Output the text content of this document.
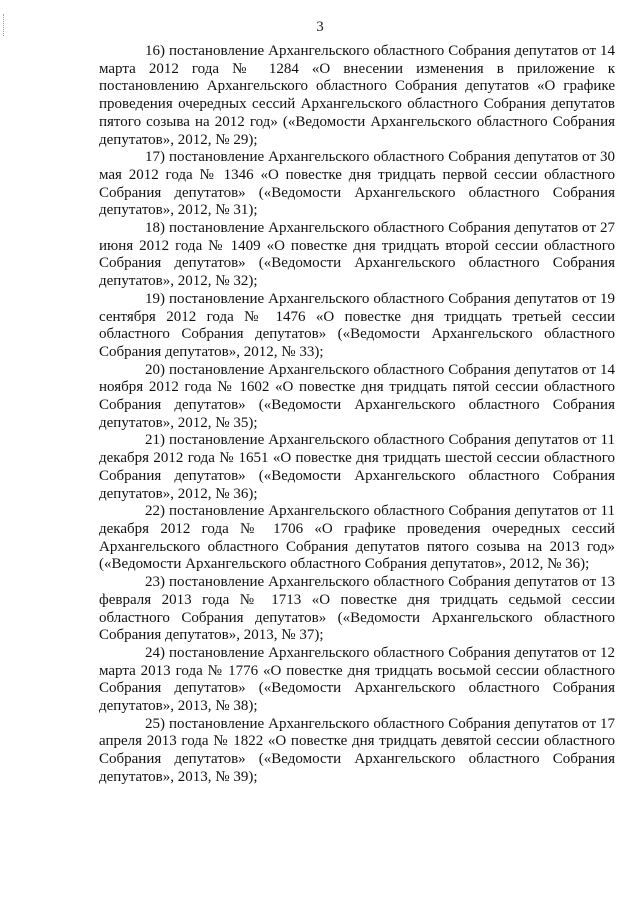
3

16) постановление Архангельского областного Собрания депутатов от 14 марта 2012 года № 1284 «О внесении изменения в приложение к постановлению Архангельского областного Собрания депутатов «О графике проведения очередных сессий Архангельского областного Собрания депутатов пятого созыва на 2012 год» («Ведомости Архангельского областного Собрания депутатов», 2012, № 29);

17) постановление Архангельского областного Собрания депутатов от 30 мая 2012 года № 1346 «О повестке дня тридцать первой сессии областного Собрания депутатов» («Ведомости Архангельского областного Собрания депутатов», 2012, № 31);

18) постановление Архангельского областного Собрания депутатов от 27 июня 2012 года № 1409 «О повестке дня тридцать второй сессии областного Собрания депутатов» («Ведомости Архангельского областного Собрания депутатов», 2012, № 32);

19) постановление Архангельского областного Собрания депутатов от 19 сентября 2012 года № 1476 «О повестке дня тридцать третьей сессии областного Собрания депутатов» («Ведомости Архангельского областного Собрания депутатов», 2012, № 33);

20) постановление Архангельского областного Собрания депутатов от 14 ноября 2012 года № 1602 «О повестке дня тридцать пятой сессии областного Собрания депутатов» («Ведомости Архангельского областного Собрания депутатов», 2012, № 35);

21) постановление Архангельского областного Собрания депутатов от 11 декабря 2012 года № 1651 «О повестке дня тридцать шестой сессии областного Собрания депутатов» («Ведомости Архангельского областного Собрания депутатов», 2012, № 36);

22) постановление Архангельского областного Собрания депутатов от 11 декабря 2012 года № 1706 «О графике проведения очередных сессий Архангельского областного Собрания депутатов пятого созыва на 2013 год» («Ведомости Архангельского областного Собрания депутатов», 2012, № 36);

23) постановление Архангельского областного Собрания депутатов от 13 февраля 2013 года № 1713 «О повестке дня тридцать седьмой сессии областного Собрания депутатов» («Ведомости Архангельского областного Собрания депутатов», 2013, № 37);

24) постановление Архангельского областного Собрания депутатов от 12 марта 2013 года № 1776 «О повестке дня тридцать восьмой сессии областного Собрания депутатов» («Ведомости Архангельского областного Собрания депутатов», 2013, № 38);

25) постановление Архангельского областного Собрания депутатов от 17 апреля 2013 года № 1822 «О повестке дня тридцать девятой сессии областного Собрания депутатов» («Ведомости Архангельского областного Собрания депутатов», 2013, № 39);
